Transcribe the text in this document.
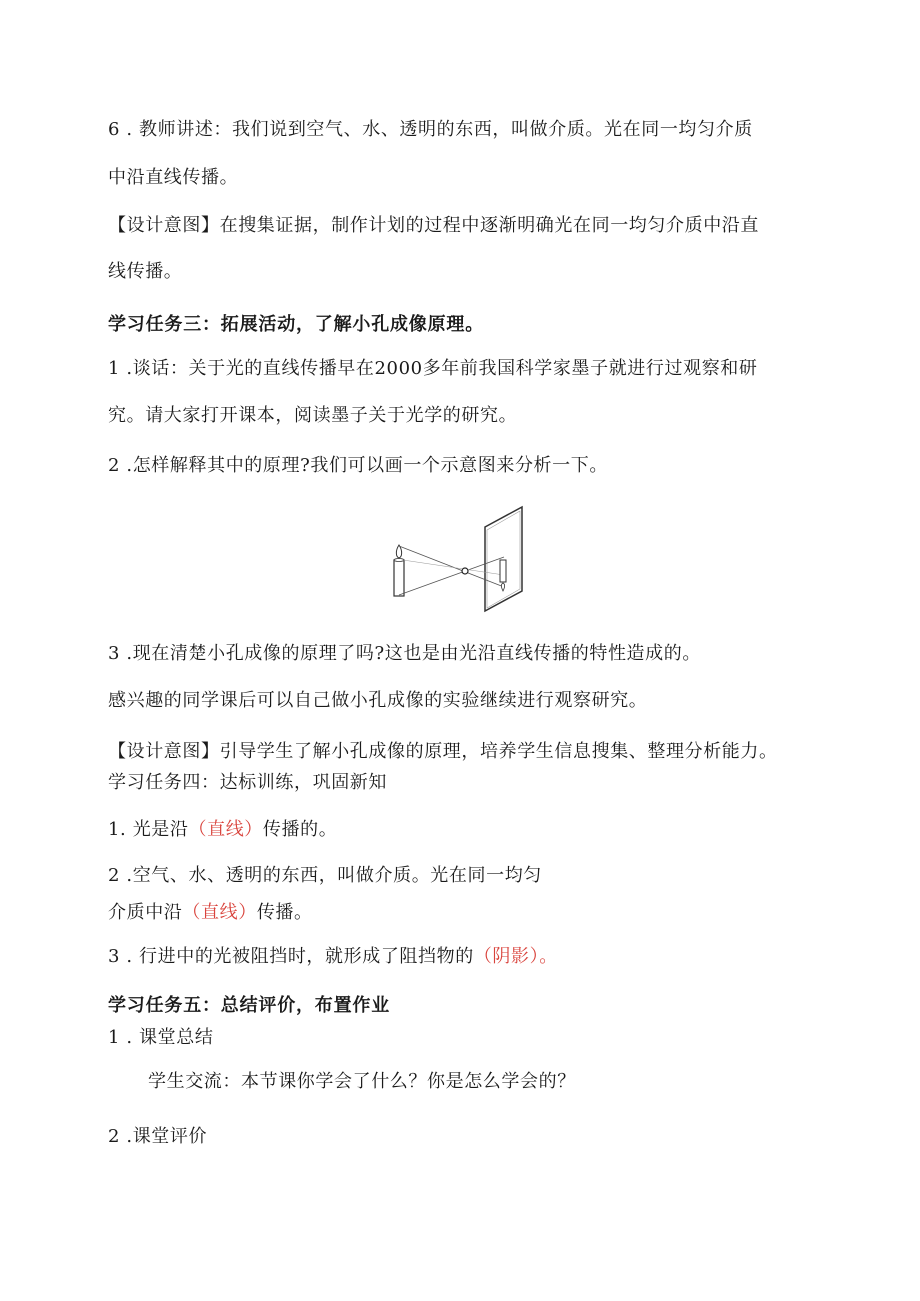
6 . 教师讲述：我们说到空气、水、透明的东西，叫做介质。光在同一均匀介质
中沿直线传播。
【设计意图】在搜集证据，制作计划的过程中逐渐明确光在同一均匀介质中沿直
线传播。
学习任务三：拓展活动，了解小孔成像原理。
1 .谈话：关于光的直线传播早在2000多年前我国科学家墨子就进行过观察和研
究。请大家打开课本，阅读墨子关于光学的研究。
2 .怎样解释其中的原理?我们可以画一个示意图来分析一下。
3 .现在清楚小孔成像的原理了吗?这也是由光沿直线传播的特性造成的。
感兴趣的同学课后可以自己做小孔成像的实验继续进行观察研究。
【设计意图】引导学生了解小孔成像的原理，培养学生信息搜集、整理分析能力。
学习任务四：达标训练，巩固新知
1. 光是沿（直线）传播的。
2 .空气、水、透明的东西，叫做介质。光在同一均匀
介质中沿（直线）传播。
3 . 行进中的光被阻挡时，就形成了阻挡物的（阴影）。
学习任务五：总结评价，布置作业
1 . 课堂总结
学生交流：本节课你学会了什么？你是怎么学会的？
2 .课堂评价
